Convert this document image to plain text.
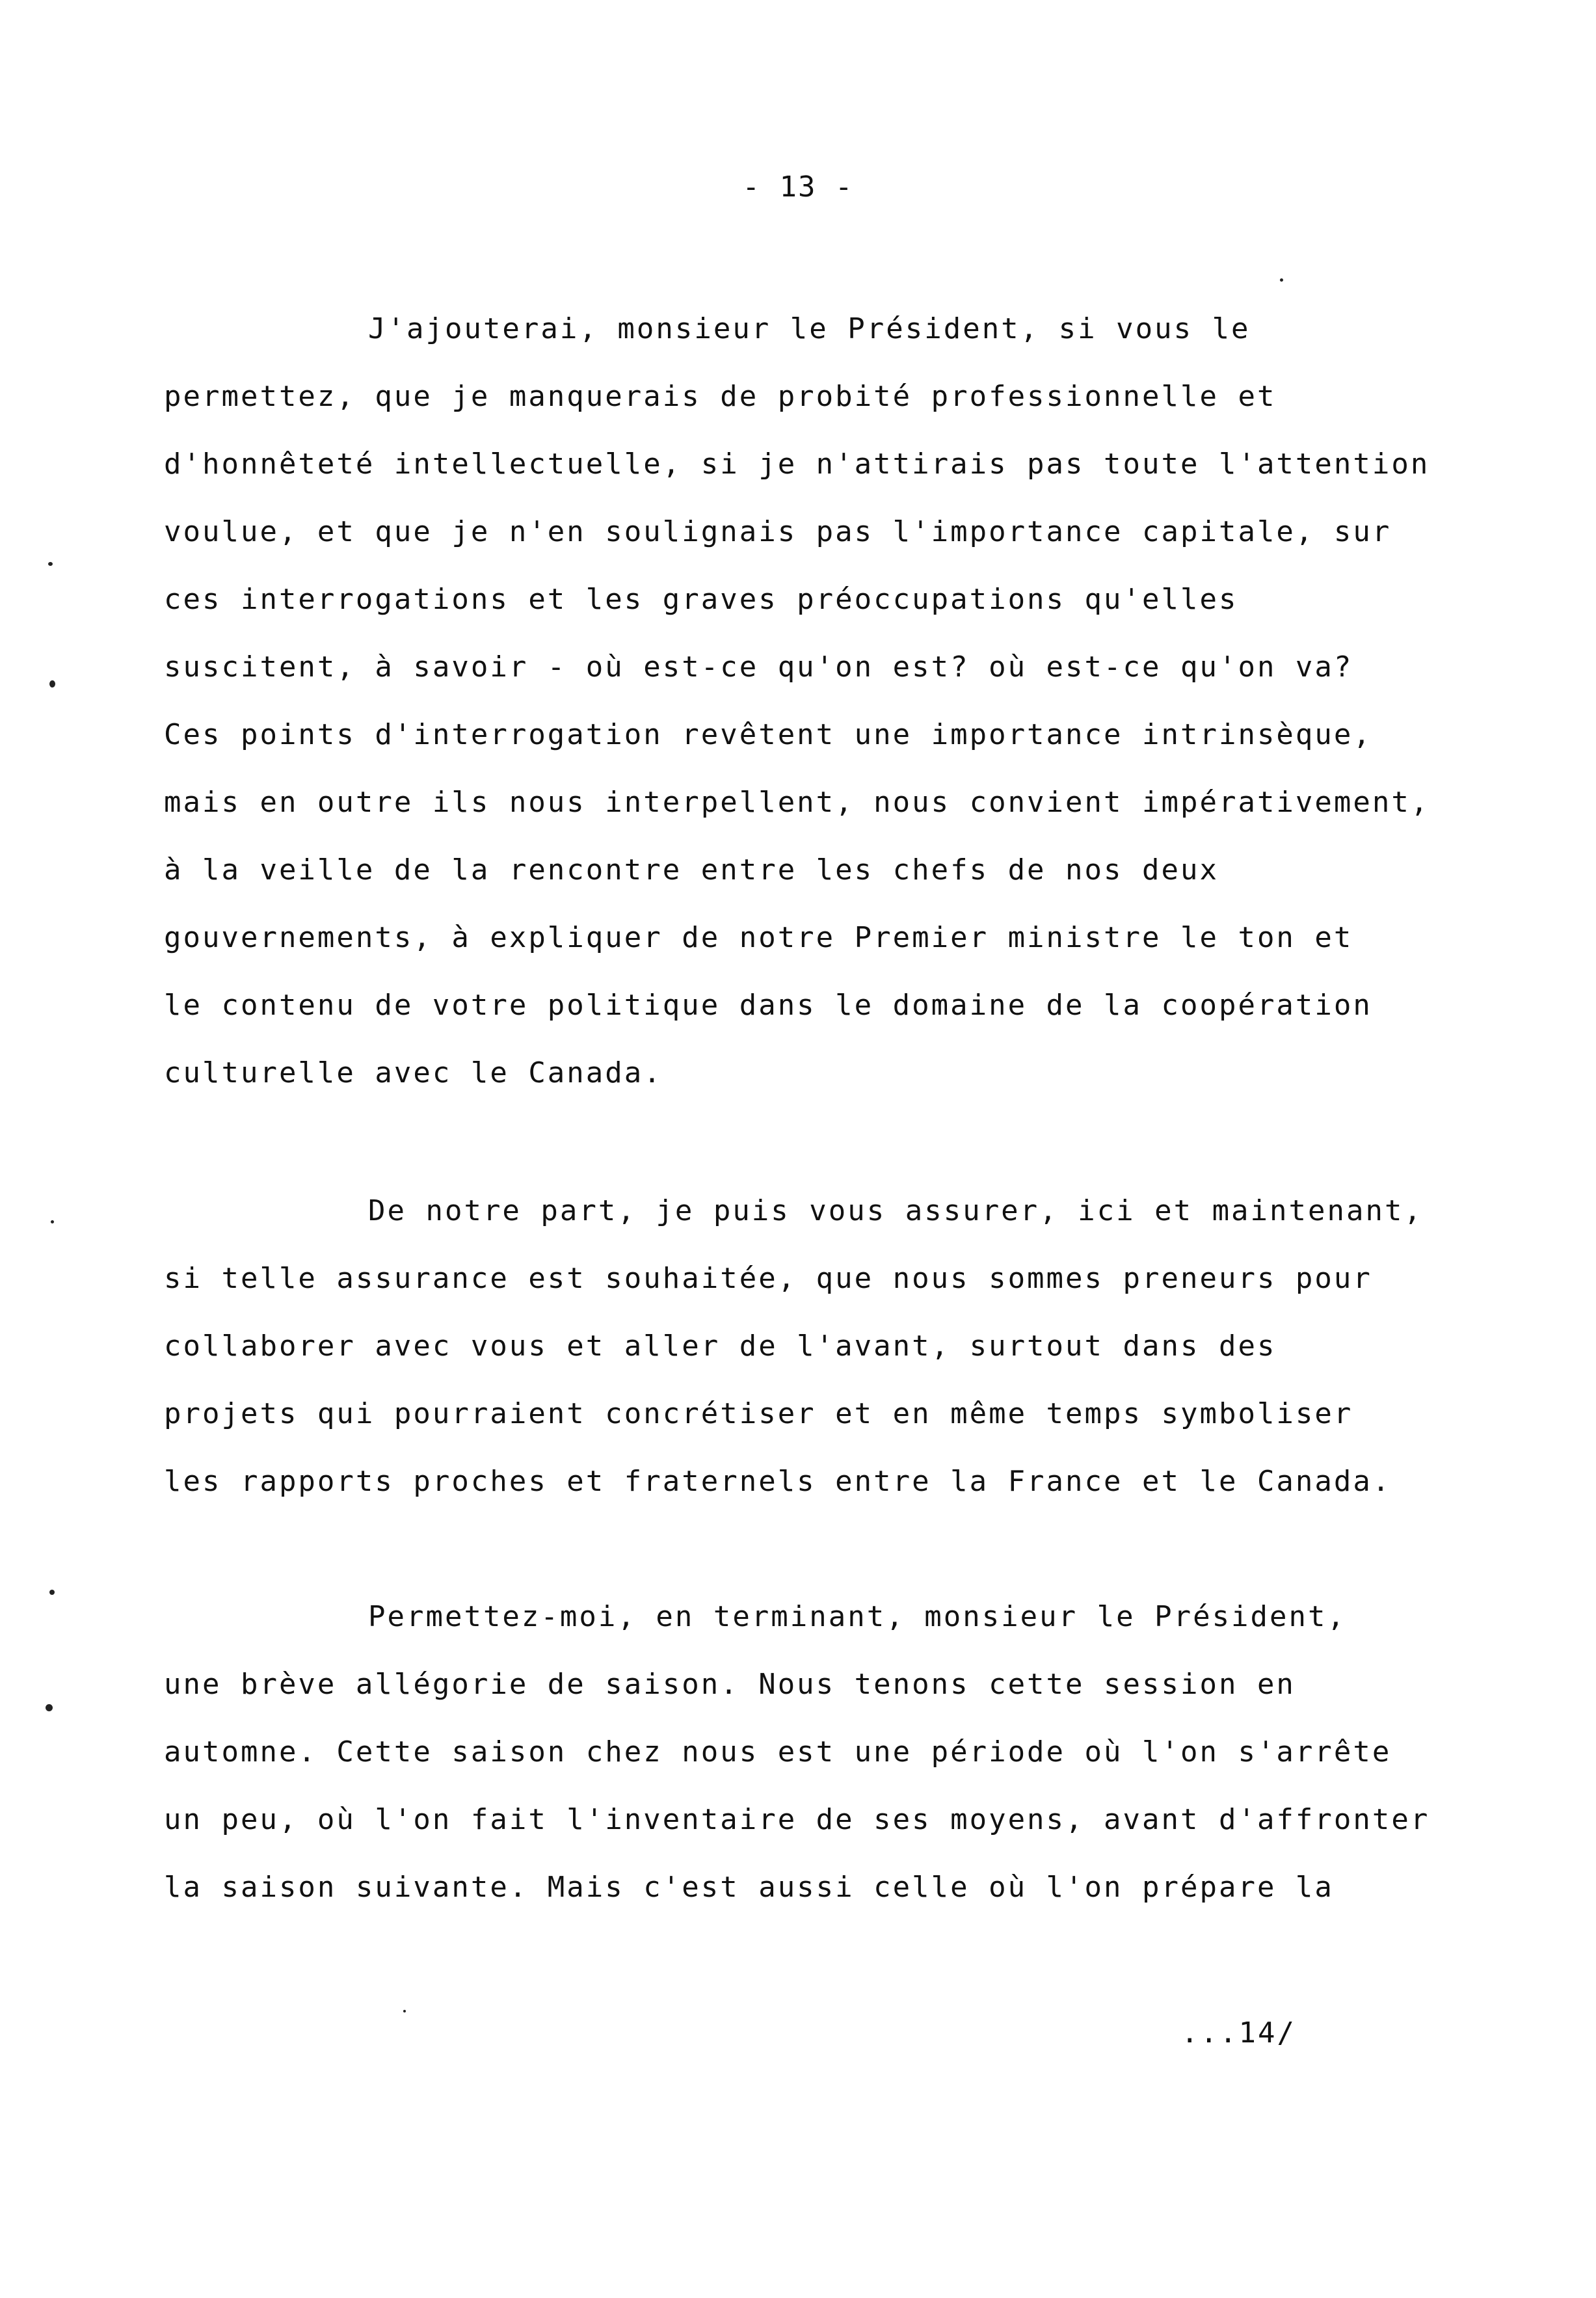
- 13 -
J'ajouterai, monsieur le Président, si vous le
permettez, que je manquerais de probité professionnelle et
d'honnêteté intellectuelle, si je n'attirais pas toute l'attention
voulue, et que je n'en soulignais pas l'importance capitale, sur
ces interrogations et les graves préoccupations qu'elles
suscitent, à savoir - où est-ce qu'on est? où est-ce qu'on va?
Ces points d'interrogation revêtent une importance intrinsèque,
mais en outre ils nous interpellent, nous convient impérativement,
à la veille de la rencontre entre les chefs de nos deux
gouvernements, à expliquer de notre Premier ministre le ton et
le contenu de votre politique dans le domaine de la coopération
culturelle avec le Canada.
De notre part, je puis vous assurer, ici et maintenant,
si telle assurance est souhaitée, que nous sommes preneurs pour
collaborer avec vous et aller de l'avant, surtout dans des
projets qui pourraient concrétiser et en même temps symboliser
les rapports proches et fraternels entre la France et le Canada.
Permettez-moi, en terminant, monsieur le Président,
une brève allégorie de saison. Nous tenons cette session en
automne. Cette saison chez nous est une période où l'on s'arrête
un peu, où l'on fait l'inventaire de ses moyens, avant d'affronter
la saison suivante. Mais c'est aussi celle où l'on prépare la
...14/
